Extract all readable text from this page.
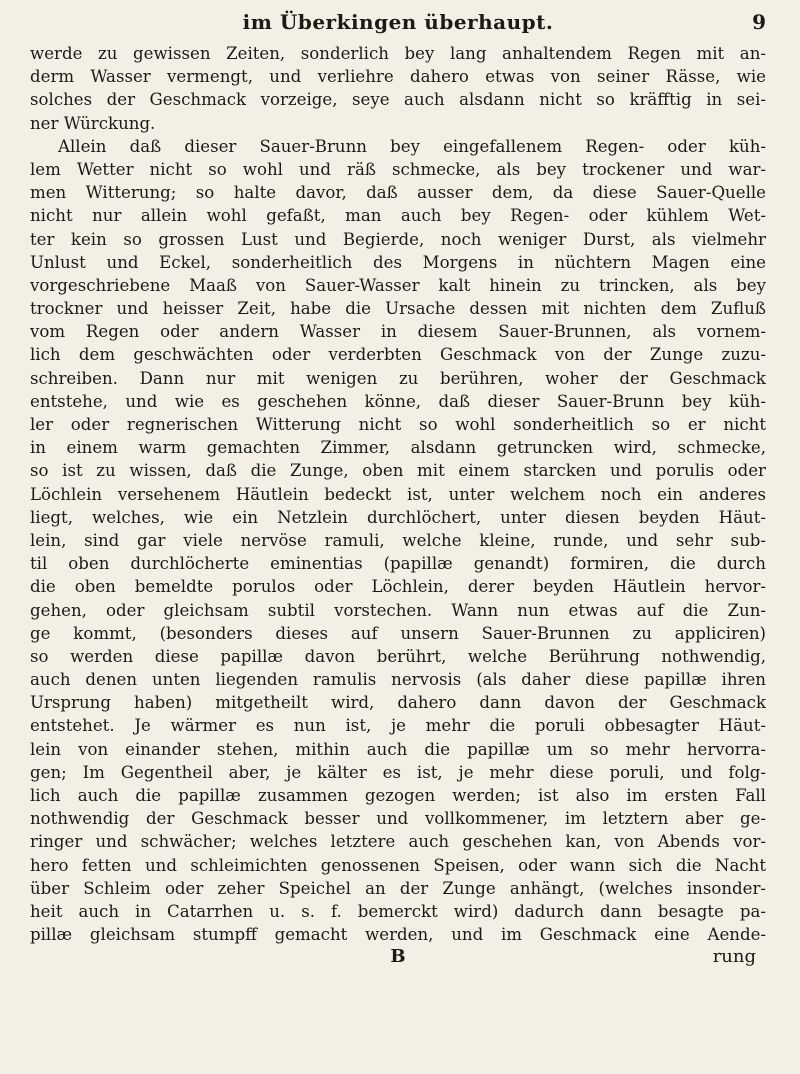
im Überkingen überhaupt.	9
werde zu gewissen Zeiten, sonderlich bey lang anhaltendem Regen mit an-
derm Wasser vermengt, und verliehre dahero etwas von seiner Rässe, wie
solches der Geschmack vorzeige, seye auch alsdann nicht so kräfftig in sei-
ner Würckung.
Allein daß dieser Sauer-Brunn bey eingefallenem Regen- oder küh-
lem Wetter nicht so wohl und räß schmecke, als bey trockener und war-
men Witterung; so halte davor, daß ausser dem, da diese Sauer-Quelle
nicht nur allein wohl gefaßt, man auch bey Regen- oder kühlem Wet-
ter kein so grossen Lust und Begierde, noch weniger Durst, als vielmehr
Unlust und Eckel, sonderheitlich des Morgens in nüchtern Magen eine
vorgeschriebene Maaß von Sauer-Wasser kalt hinein zu trincken, als bey
trockner und heisser Zeit, habe die Ursache dessen mit nichten dem Zufluß
vom Regen oder andern Wasser in diesem Sauer-Brunnen, als vornem-
lich dem geschwächten oder verderbten Geschmack von der Zunge zuzu-
schreiben. Dann nur mit wenigen zu berühren, woher der Geschmack
entstehe, und wie es geschehen könne, daß dieser Sauer-Brunn bey küh-
ler oder regnerischen Witterung nicht so wohl sonderheitlich so er nicht
in einem warm gemachten Zimmer, alsdann getruncken wird, schmecke,
so ist zu wissen, daß die Zunge, oben mit einem starcken und porulis oder
Löchlein versehenem Häutlein bedeckt ist, unter welchem noch ein anderes
liegt, welches, wie ein Netzlein durchlöchert, unter diesen beyden Häut-
lein, sind gar viele nervöse ramuli, welche kleine, runde, und sehr sub-
til oben durchlöcherte eminentias (papillæ genandt) formiren, die durch
die oben bemeldte porulos oder Löchlein, derer beyden Häutlein hervor-
gehen, oder gleichsam subtil vorstechen. Wann nun etwas auf die Zun-
ge kommt, (besonders dieses auf unsern Sauer-Brunnen zu appliciren)
so werden diese papillæ davon berührt, welche Berührung nothwendig,
auch denen unten liegenden ramulis nervosis (als daher diese papillæ ihren
Ursprung haben) mitgetheilt wird, dahero dann davon der Geschmack
entstehet. Je wärmer es nun ist, je mehr die poruli obbesagter Häut-
lein von einander stehen, mithin auch die papillæ um so mehr hervorra-
gen; Im Gegentheil aber, je kälter es ist, je mehr diese poruli, und folg-
lich auch die papillæ zusammen gezogen werden; ist also im ersten Fall
nothwendig der Geschmack besser und vollkommener, im letztern aber ge-
ringer und schwächer; welches letztere auch geschehen kan, von Abends vor-
hero fetten und schleimichten genossenen Speisen, oder wann sich die Nacht
über Schleim oder zeher Speichel an der Zunge anhängt, (welches insonder-
heit auch in Catarrhen u. s. f. bemerckt wird) dadurch dann besagte pa-
pillæ gleichsam stumpff gemacht werden, und im Geschmack eine Aende-
B	rung
